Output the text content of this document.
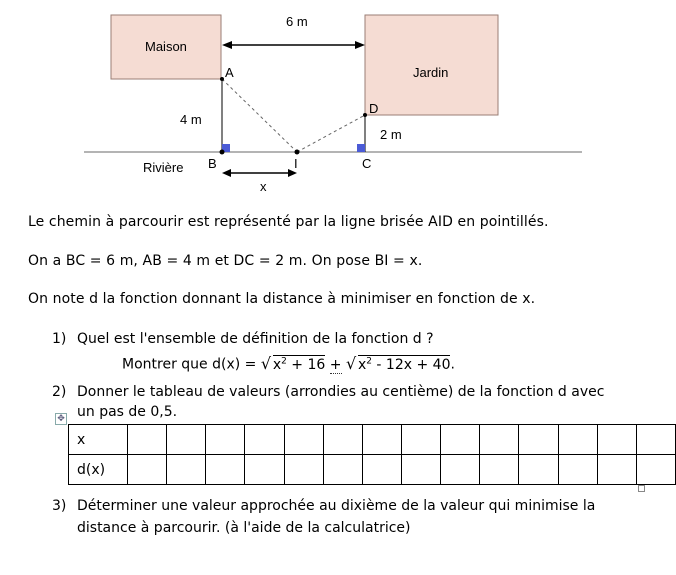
Maison
Jardin
6 m
Rivière
4 m
2 m
A
B	I
D
C
x
Le chemin à parcourir est représenté par la ligne brisée AID en pointillés.
On a BC = 6 m, AB = 4 m et DC = 2 m. On pose BI = x.
On note d la fonction donnant la distance à minimiser en fonction de x.
1) Quel est l'ensemble de définition de la fonction d ?
Montrer que d(x) = √ $x^2 + 16$ + √ $x^2 - 12x + 40$.
2) Donner le tableau de valeurs (arrondies au centième) de la fonction d avec
un pas de 0,5.
✥
x														
d(x)														
3) Déterminer une valeur approchée au dixième de la valeur qui minimise la
distance à parcourir. (à l'aide de la calculatrice)
